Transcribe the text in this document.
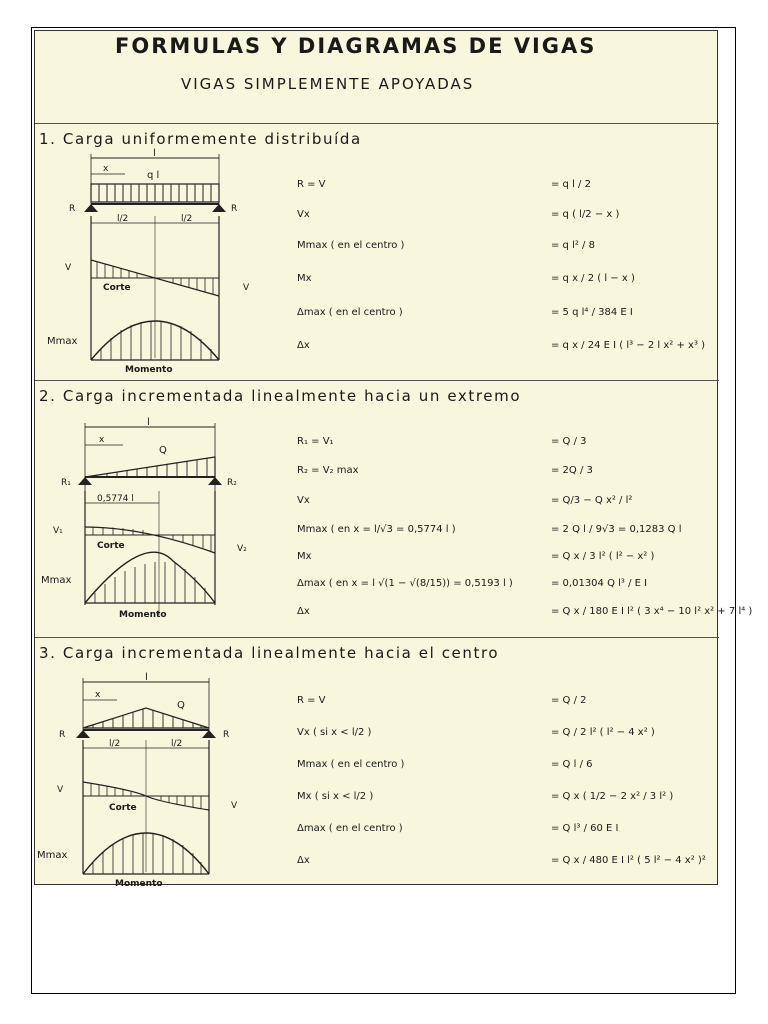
FORMULAS Y DIAGRAMAS DE VIGAS
VIGAS SIMPLEMENTE APOYADAS
1. Carga uniformemente distribuída
l
x
q l
R	R
l/2	l/2
V
V
Corte
Mmax
Momento
R = V	= q l / 2
Vx	= q ( l/2 − x )
Mmax ( en el centro )	= q l² / 8
Mx	= q x / 2 ( l − x )
Δmax ( en el centro )	= 5 q l⁴ / 384 E I
Δx	= q x / 24 E I ( l³ − 2 l x² + x³ )
2. Carga incrementada linealmente hacia un extremo
l
x
Q
R₁	R₂
0,5774 l
V₁
V₂
Corte
Mmax
Momento
R₁ = V₁	= Q / 3
R₂ = V₂ max	= 2Q / 3
Vx	= Q/3 − Q x² / l²
Mmax ( en x = l/√3 = 0,5774 l )	= 2 Q l / 9√3 = 0,1283 Q l
Mx	= Q x / 3 l² ( l² − x² )
Δmax ( en x = l √(1 − √(8/15)) = 0,5193 l )	= 0,01304 Q l³ / E I
Δx	= Q x / 180 E I l² ( 3 x⁴ − 10 l² x² + 7 l⁴ )
3. Carga incrementada linealmente hacia el centro
l
x
Q
R	R
l/2	l/2
V
V
Corte
Mmax
Momento
R = V	= Q / 2
Vx ( si x < l/2 )	= Q / 2 l² ( l² − 4 x² )
Mmax ( en el centro )	= Q l / 6
Mx ( si x < l/2 )	= Q x ( 1/2 − 2 x² / 3 l² )
Δmax ( en el centro )	= Q l³ / 60 E I
Δx	= Q x / 480 E I l² ( 5 l² − 4 x² )²
